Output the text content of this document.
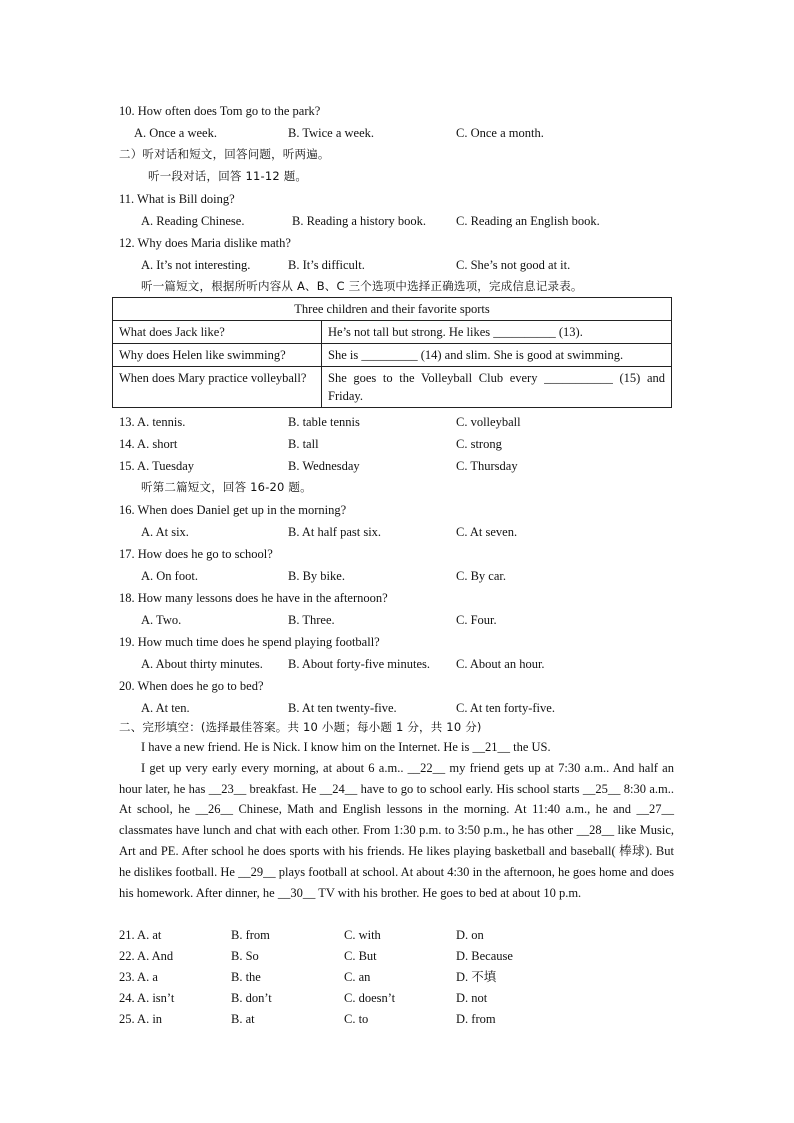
10. How often does Tom go to the park?
A. Once a week.	B. Twice a week.	C. Once a month.
二）听对话和短文，回答问题，听两遍。
听一段对话，回答 11-12 题。
11. What is Bill doing?
A. Reading Chinese.	B. Reading a history book. C. Reading an English book.
12. Why does Maria dislike math?
A. It’s not interesting.	B. It’s difficult.	C. She’s not good at it.
听一篇短文，根据所听内容从 A、B、C 三个选项中选择正确选项，完成信息记录表。
Three children and their favorite sports	
What does Jack like?	He’s not tall but strong. He likes __________ (13).
Why does Helen like swimming?	She is _________ (14) and slim. She is good at swimming.
When does Mary practice volleyball?	She goes to the Volleyball Club every ___________ (15) and Friday.
13. A. tennis.	B. table tennis	C. volleyball
14. A. short	B. tall	C. strong
15. A. Tuesday	B. Wednesday	C. Thursday
听第二篇短文，回答 16-20 题。
16. When does Daniel get up in the morning?
A. At six.	B. At half past six.	C. At seven.
17. How does he go to school?
A. On foot.	B. By bike.	C. By car.
18. How many lessons does he have in the afternoon?
A. Two.	B. Three.	C. Four.
19. How much time does he spend playing football?
A. About thirty minutes. B. About forty-five minutes. C. About an hour.
20. When does he go to bed?
A. At ten.	B. At ten twenty-five.	C. At ten forty-five.
二、完形填空：(选择最佳答案。共 10 小题；每小题 1 分，共 10 分)
I have a new friend. He is Nick. I know him on the Internet. He is __21__ the US.
I get up very early every morning, at about 6 a.m.. __22__ my friend gets up at 7:30 a.m.. And half an hour later, he has __23__ breakfast. He __24__ have to go to school early. His school starts __25__ 8:30 a.m.. At school, he __26__ Chinese, Math and English lessons in the morning. At 11:40 a.m., he and __27__ classmates have lunch and chat with each other. From 1:30 p.m. to 3:50 p.m., he has other __28__ like Music, Art and PE. After school he does sports with his friends. He likes playing basketball and baseball( 棒球). But he dislikes football. He __29__ plays football at school. At about 4:30 in the afternoon, he goes home and does his homework. After dinner, he __30__ TV with his brother. He goes to bed at about 10 p.m.
21. A. at	B. from	C. with	D. on
22. A. And	B. So	C. But	D. Because
23. A. a	B. the	C. an	D. 不填
24. A. isn’t	B. don’t	C. doesn’t	D. not
25. A. in	B. at	C. to	D. from
